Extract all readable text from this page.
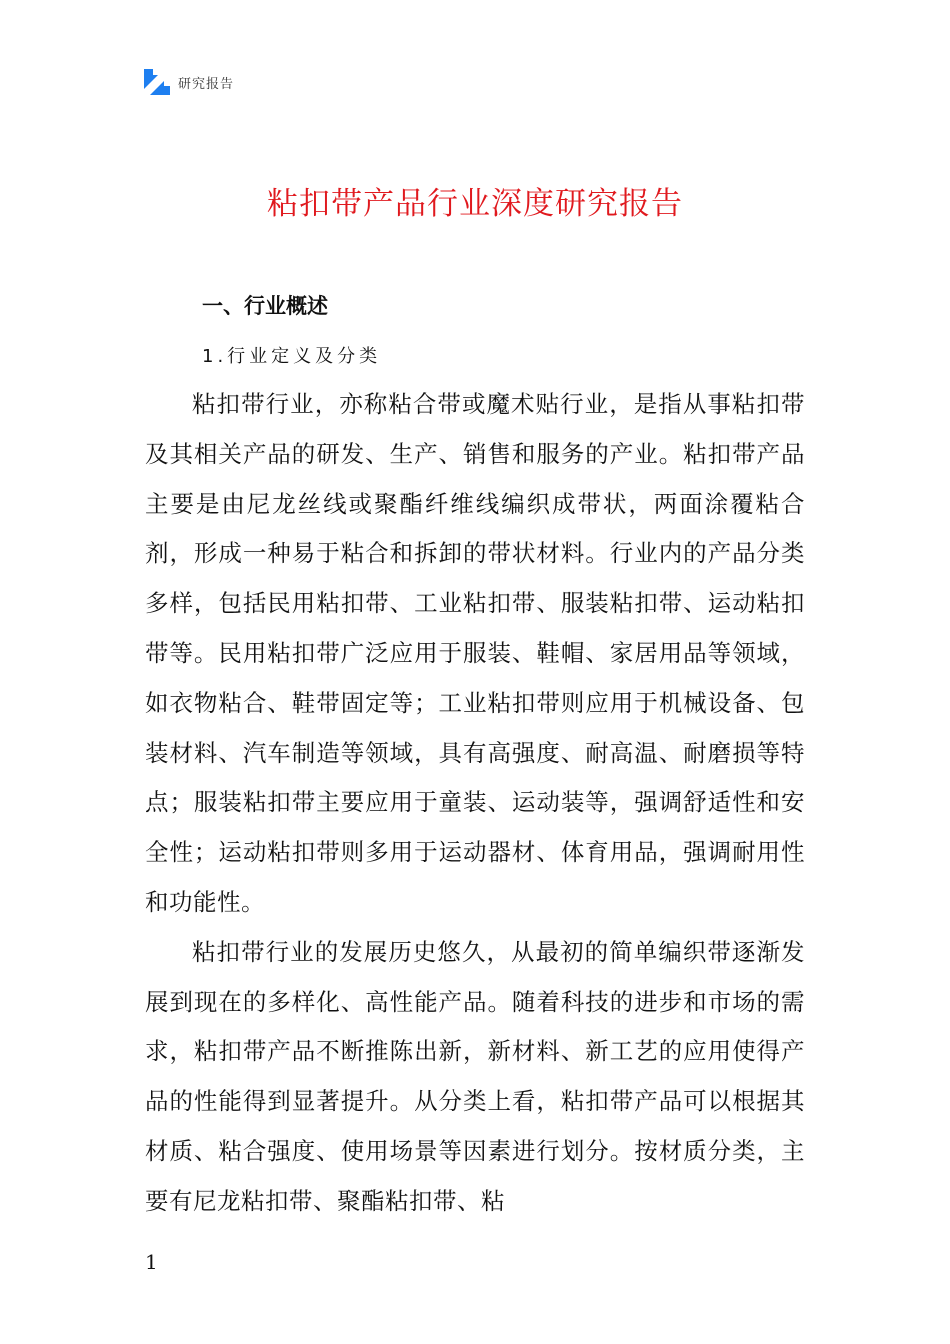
研究报告
粘扣带产品行业深度研究报告
一、行业概述
1.行业定义及分类

粘扣带行业，亦称粘合带或魔术贴行业，是指从事粘扣带及其相关产品的研发、生产、销售和服务的产业。粘扣带产品主要是由尼龙丝线或聚酯纤维线编织成带状，两面涂覆粘合剂，形成一种易于粘合和拆卸的带状材料。行业内的产品分类多样，包括民用粘扣带、工业粘扣带、服装粘扣带、运动粘扣带等。民用粘扣带广泛应用于服装、鞋帽、家居用品等领域，如衣物粘合、鞋带固定等；工业粘扣带则应用于机械设备、包装材料、汽车制造等领域，具有高强度、耐高温、耐磨损等特点；服装粘扣带主要应用于童装、运动装等，强调舒适性和安全性；运动粘扣带则多用于运动器材、体育用品，强调耐用性和功能性。

粘扣带行业的发展历史悠久，从最初的简单编织带逐渐发展到现在的多样化、高性能产品。随着科技的进步和市场的需求，粘扣带产品不断推陈出新，新材料、新工艺的应用使得产品的性能得到显著提升。从分类上看，粘扣带产品可以根据其材质、粘合强度、使用场景等因素进行划分。按材质分类，主要有尼龙粘扣带、聚酯粘扣带、粘

1
